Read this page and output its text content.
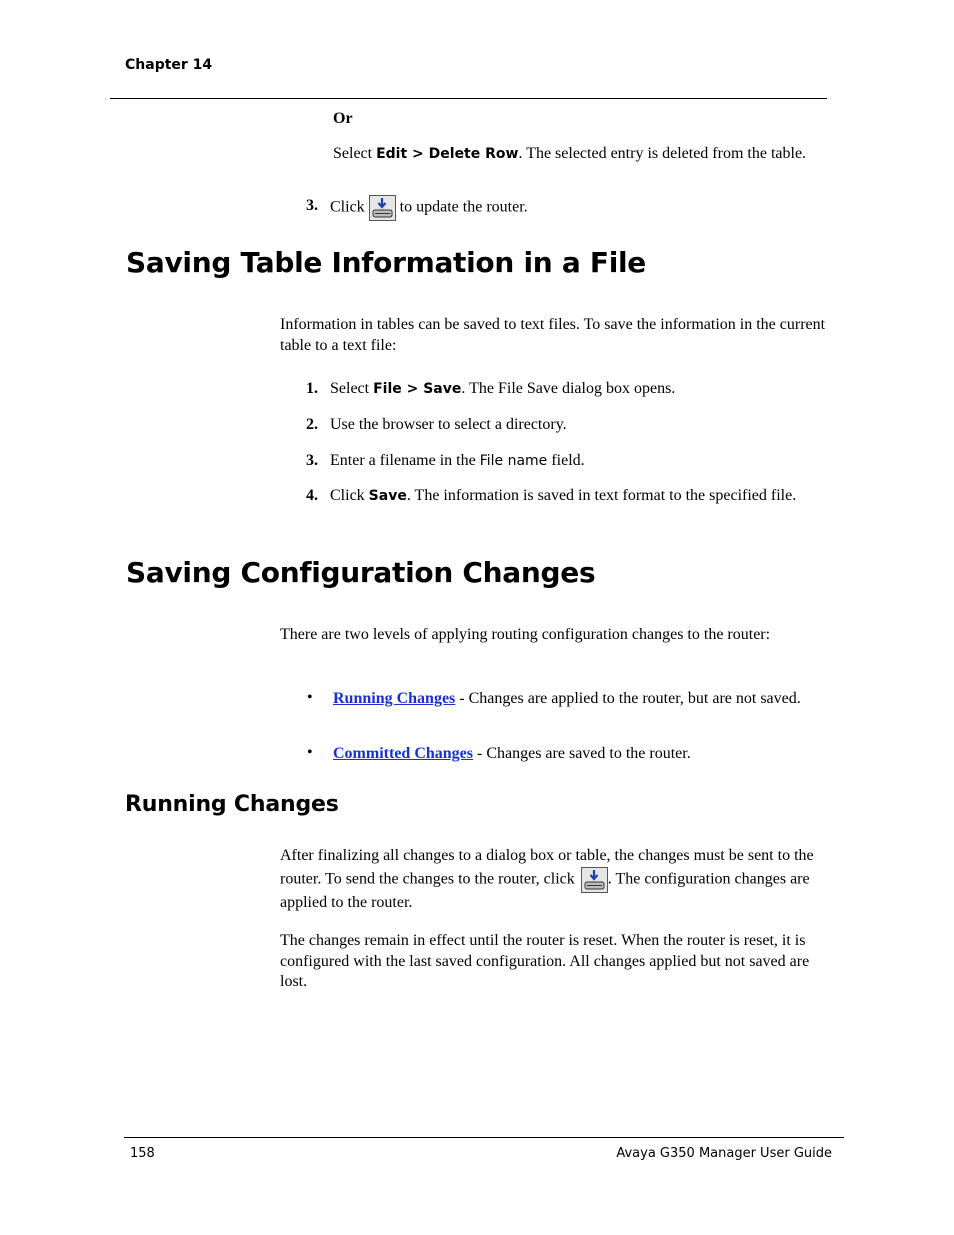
Chapter 14
Or
Select Edit > Delete Row. The selected entry is deleted from the table.
3. Click to update the router.
Saving Table Information in a File
Information in tables can be saved to text files. To save the information in the current table to a text file:
1. Select File > Save. The File Save dialog box opens.
2. Use the browser to select a directory.
3. Enter a filename in the File name field.
4. Click Save. The information is saved in text format to the specified file.
Saving Configuration Changes
There are two levels of applying routing configuration changes to the router:
• Running Changes - Changes are applied to the router, but are not saved.
• Committed Changes - Changes are saved to the router.
Running Changes
After finalizing all changes to a dialog box or table, the changes must be sent to the router. To send the changes to the router, click . The configuration changes are applied to the router.
The changes remain in effect until the router is reset. When the router is reset, it is configured with the last saved configuration. All changes applied but not saved are lost.
158	Avaya G350 Manager User Guide
